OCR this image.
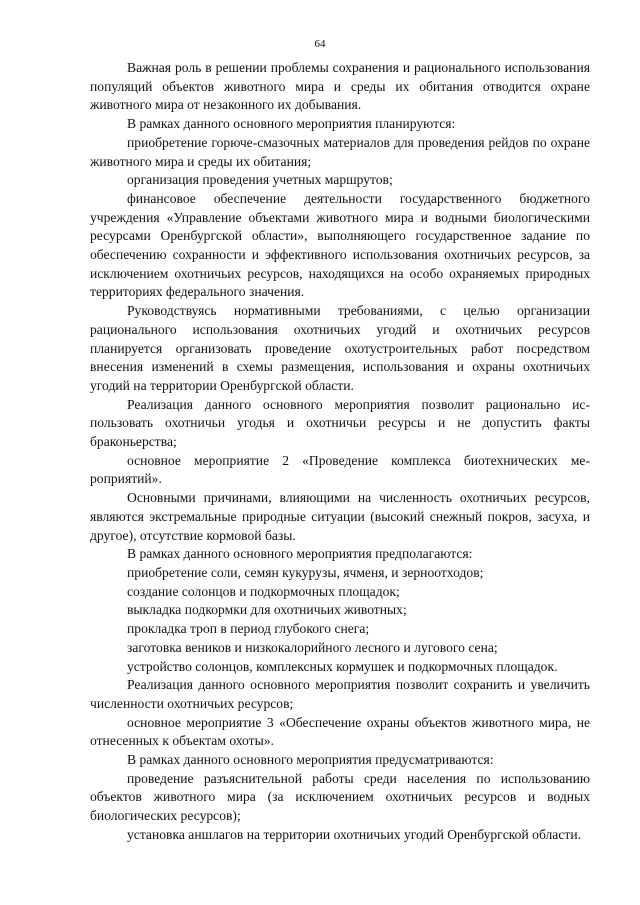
64

Важная роль в решении проблемы сохранения и рационального использования популяций объектов животного мира и среды их обитания отводится охране животного мира от незаконного их добывания.

В рамках данного основного мероприятия планируются:

приобретение горюче-смазочных материалов для проведения рейдов по охране животного мира и среды их обитания;

организация проведения учетных маршрутов;

финансовое обеспечение деятельности государственного бюджетного учреждения «Управление объектами животного мира и водными биологическими ресурсами Оренбургской области», выполняющего государственное задание по обеспечению сохранности и эффективного использования охотничьих ресурсов, за исключением охотничьих ресурсов, находящихся на особо охраняемых природных территориях федерального значения.

Руководствуясь нормативными требованиями, с целью организации рационального использования охотничьих угодий и охотничьих ресурсов планируется организовать проведение охотустроительных работ посредством внесения изменений в схемы размещения, использования и охраны охотничьих угодий на территории Оренбургской области.

Реализация данного основного мероприятия позволит рационально использовать охотничьи угодья и охотничьи ресурсы и не допустить факты браконьерства;

основное мероприятие 2 «Проведение комплекса биотехнических мероприятий».

Основными причинами, влияющими на численность охотничьих ресурсов, являются экстремальные природные ситуации (высокий снежный покров, засуха, и другое), отсутствие кормовой базы.

В рамках данного основного мероприятия предполагаются:

приобретение соли, семян кукурузы, ячменя, и зерноотходов;

создание солонцов и подкормочных площадок;

выкладка подкормки для охотничьих животных;

прокладка троп в период глубокого снега;

заготовка веников и низкокалорийного лесного и лугового сена;

устройство солонцов, комплексных кормушек и подкормочных площадок.

Реализация данного основного мероприятия позволит сохранить и увеличить численности охотничьих ресурсов;

основное мероприятие 3 «Обеспечение охраны объектов животного мира, не отнесенных к объектам охоты».

В рамках данного основного мероприятия предусматриваются:

проведение разъяснительной работы среди населения по использованию объектов животного мира (за исключением охотничьих ресурсов и водных биологических ресурсов);

установка аншлагов на территории охотничьих угодий Оренбургской области.
